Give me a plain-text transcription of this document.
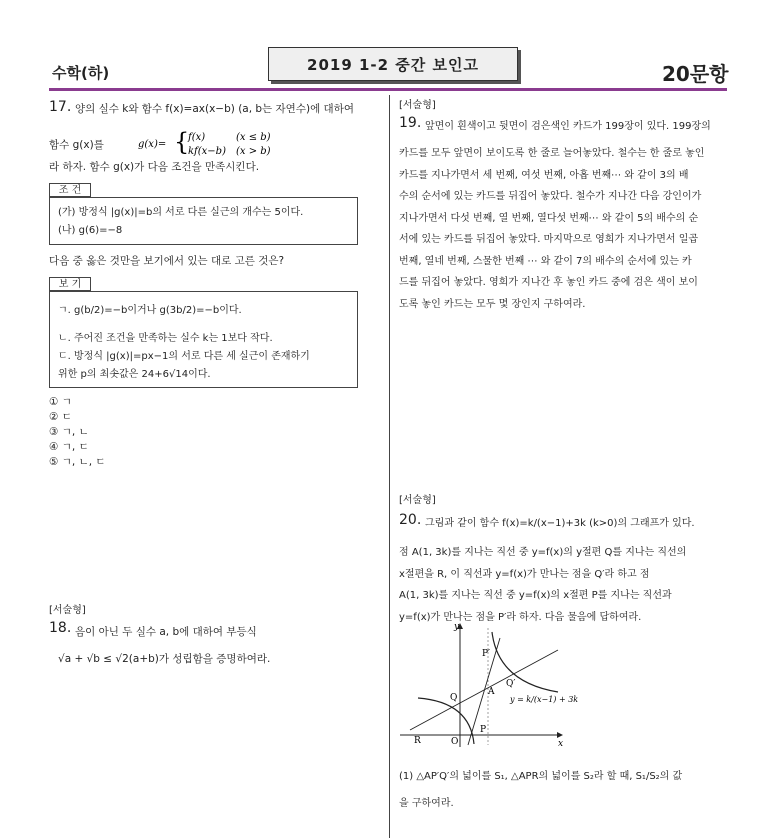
수학(하)	2019 1-2 중간 보인고	20문항
17. 양의 실수 k와 함수 f(x)=ax(x−b) (a, b는 자연수)에 대하여
함수 g(x)를	g(x)= {
f(x)	(x ≤ b)
kf(x−b) (x > b)
라 하자. 함수 g(x)가 다음 조건을 만족시킨다.
조 건
(가) 방정식 |g(x)|=b의 서로 다른 실근의 개수는 5이다.
(나) g(6)=−8
다음 중 옳은 것만을 보기에서 있는 대로 고른 것은?
보 기
ㄱ. g(b/2)=−b이거나 g(3b/2)=−b이다.
ㄴ. 주어진 조건을 만족하는 실수 k는 1보다 작다.
ㄷ. 방정식 |g(x)|=px−1의 서로 다른 세 실근이 존재하기
위한 p의 최솟값은 24+6√14이다.
① ㄱ
② ㄷ
③ ㄱ, ㄴ
④ ㄱ, ㄷ
⑤ ㄱ, ㄴ, ㄷ
[서술형]
18. 음이 아닌 두 실수 a, b에 대하여 부등식
√a + √b ≤ √2(a+b)가 성립함을 증명하여라.
[서술형]
19. 앞면이 흰색이고 뒷면이 검은색인 카드가 199장이 있다. 199장의
카드를 모두 앞면이 보이도록 한 줄로 늘어놓았다. 철수는 한 줄로 놓인
카드를 지나가면서 세 번째, 여섯 번째, 아홉 번째⋯ 와 같이 3의 배
수의 순서에 있는 카드를 뒤집어 놓았다. 철수가 지나간 다음 강인이가
지나가면서 다섯 번째, 열 번째, 열다섯 번째⋯ 와 같이 5의 배수의 순
서에 있는 카드를 뒤집어 놓았다. 마지막으로 영희가 지나가면서 일곱
번째, 열네 번째, 스물한 번째 ⋯ 와 같이 7의 배수의 순서에 있는 카
드를 뒤집어 놓았다. 영희가 지나간 후 놓인 카드 중에 검은 색이 보이
도록 놓인 카드는 모두 몇 장인지 구하여라.
[서술형]
20. 그림과 같이 함수 f(x)=k/(x−1)+3k (k>0)의 그래프가 있다.
점 A(1, 3k)를 지나는 직선 중 y=f(x)의 y절편 Q를 지나는 직선의
x절편을 R, 이 직선과 y=f(x)가 만나는 점을 Q′라 하고 점
A(1, 3k)를 지나는 직선 중 y=f(x)의 x절편 P를 지나는 직선과
y=f(x)가 만나는 점을 P′라 하자. 다음 물음에 답하여라.
y
x
O
P
P′
Q
Q′
A
R
y = k/(x−1) + 3k
(1) △AP′Q′의 넓이를 S₁, △APR의 넓이를 S₂라 할 때, S₁/S₂의 값
을 구하여라.
